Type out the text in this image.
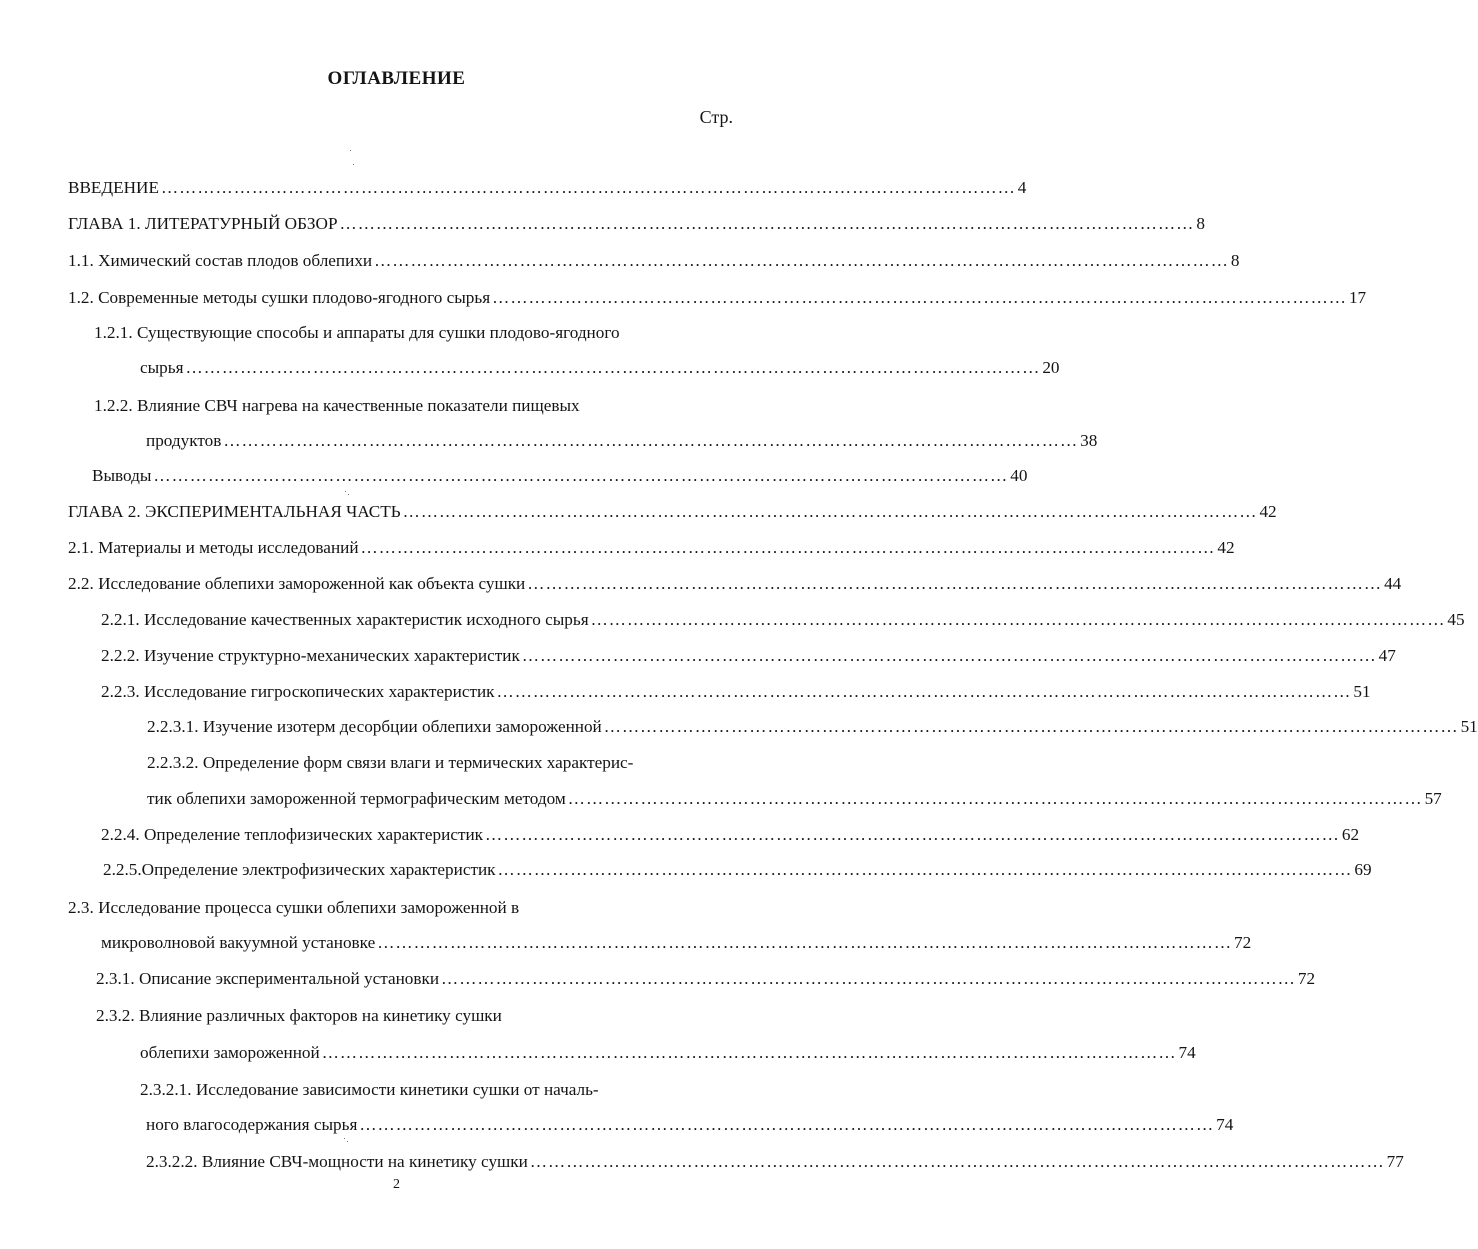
ОГЛАВЛЕНИЕ
Стр.
ВВЕДЕНИЕ …………………………………………………………………………………………………………………………… 4
ГЛАВА 1. ЛИТЕРАТУРНЫЙ ОБЗОР …………………………………………………………………………………………………………………………… 8
1.1. Химический состав плодов облепихи …………………………………………………………………………………………………………………………… 8
1.2. Современные методы сушки плодово-ягодного сырья …………………………………………………………………………………………………………………………… 17
1.2.1. Существующие способы и аппараты для сушки плодово-ягодного
сырья …………………………………………………………………………………………………………………………… 20
1.2.2. Влияние СВЧ нагрева на качественные показатели пищевых
продуктов …………………………………………………………………………………………………………………………… 38
Выводы …………………………………………………………………………………………………………………………… 40
ГЛАВА 2. ЭКСПЕРИМЕНТАЛЬНАЯ ЧАСТЬ …………………………………………………………………………………………………………………………… 42
2.1. Материалы и методы исследований …………………………………………………………………………………………………………………………… 42
2.2. Исследование облепихи замороженной как объекта сушки …………………………………………………………………………………………………………………………… 44
2.2.1. Исследование качественных характеристик исходного сырья …………………………………………………………………………………………………………………………… 45
2.2.2. Изучение структурно-механических характеристик …………………………………………………………………………………………………………………………… 47
2.2.3. Исследование гигроскопических характеристик …………………………………………………………………………………………………………………………… 51
2.2.3.1. Изучение изотерм десорбции облепихи замороженной …………………………………………………………………………………………………………………………… 51
2.2.3.2. Определение форм связи влаги и термических характерис-
тик облепихи замороженной термографическим методом …………………………………………………………………………………………………………………………… 57
2.2.4. Определение теплофизических характеристик …………………………………………………………………………………………………………………………… 62
2.2.5.Определение электрофизических характеристик …………………………………………………………………………………………………………………………… 69
2.3. Исследование процесса сушки облепихи замороженной в
микроволновой вакуумной установке …………………………………………………………………………………………………………………………… 72
2.3.1. Описание экспериментальной установки …………………………………………………………………………………………………………………………… 72
2.3.2. Влияние различных факторов на кинетику сушки
облепихи замороженной …………………………………………………………………………………………………………………………… 74
2.3.2.1. Исследование зависимости кинетики сушки от началь-
ного влагосодержания сырья …………………………………………………………………………………………………………………………… 74
2.3.2.2. Влияние СВЧ-мощности на кинетику сушки …………………………………………………………………………………………………………………………… 77
2
